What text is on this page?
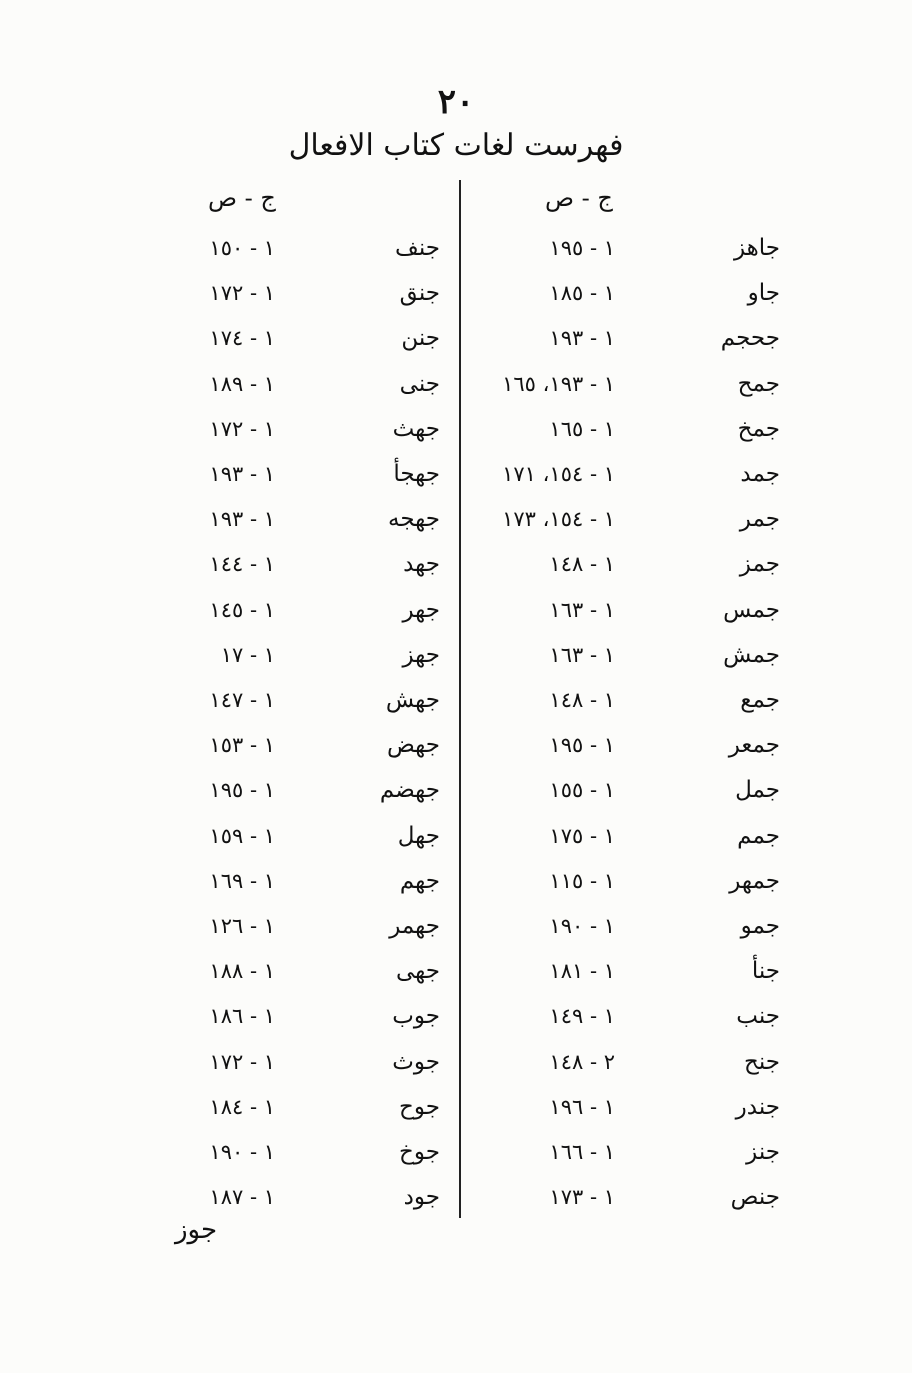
٢٠
فهرست لغات كتاب الافعال
ج - ص
ج - ص
جاهز
١ - ١٩٥
جاو
١ - ١٨٥
جحجم
١ - ١٩٣
جمح
١ - ١٩٣، ١٦٥
جمخ
١ - ١٦٥
جمد
١ - ١٥٤، ١٧١
جمر
١ - ١٥٤، ١٧٣
جمز
١ - ١٤٨
جمس
١ - ١٦٣
جمش
١ - ١٦٣
جمع
١ - ١٤٨
جمعر
١ - ١٩٥
جمل
١ - ١٥٥
جمم
١ - ١٧٥
جمهر
١ - ١١٥
جمو
١ - ١٩٠
جنأ
١ - ١٨١
جنب
١ - ١٤٩
جنح
٢ - ١٤٨
جندر
١ - ١٩٦
جنز
١ - ١٦٦
جنص
١ - ١٧٣
جنف
١ - ١٥٠
جنق
١ - ١٧٢
جنن
١ - ١٧٤
جنى
١ - ١٨٩
جهث
١ - ١٧٢
جهجأ
١ - ١٩٣
جهجه
١ - ١٩٣
جهد
١ - ١٤٤
جهر
١ - ١٤٥
جهز
١ - ١٧
جهش
١ - ١٤٧
جهض
١ - ١٥٣
جهضم
١ - ١٩٥
جهل
١ - ١٥٩
جهم
١ - ١٦٩
جهمر
١ - ١٢٦
جهى
١ - ١٨٨
جوب
١ - ١٨٦
جوث
١ - ١٧٢
جوح
١ - ١٨٤
جوخ
١ - ١٩٠
جود
١ - ١٨٧
جوز
